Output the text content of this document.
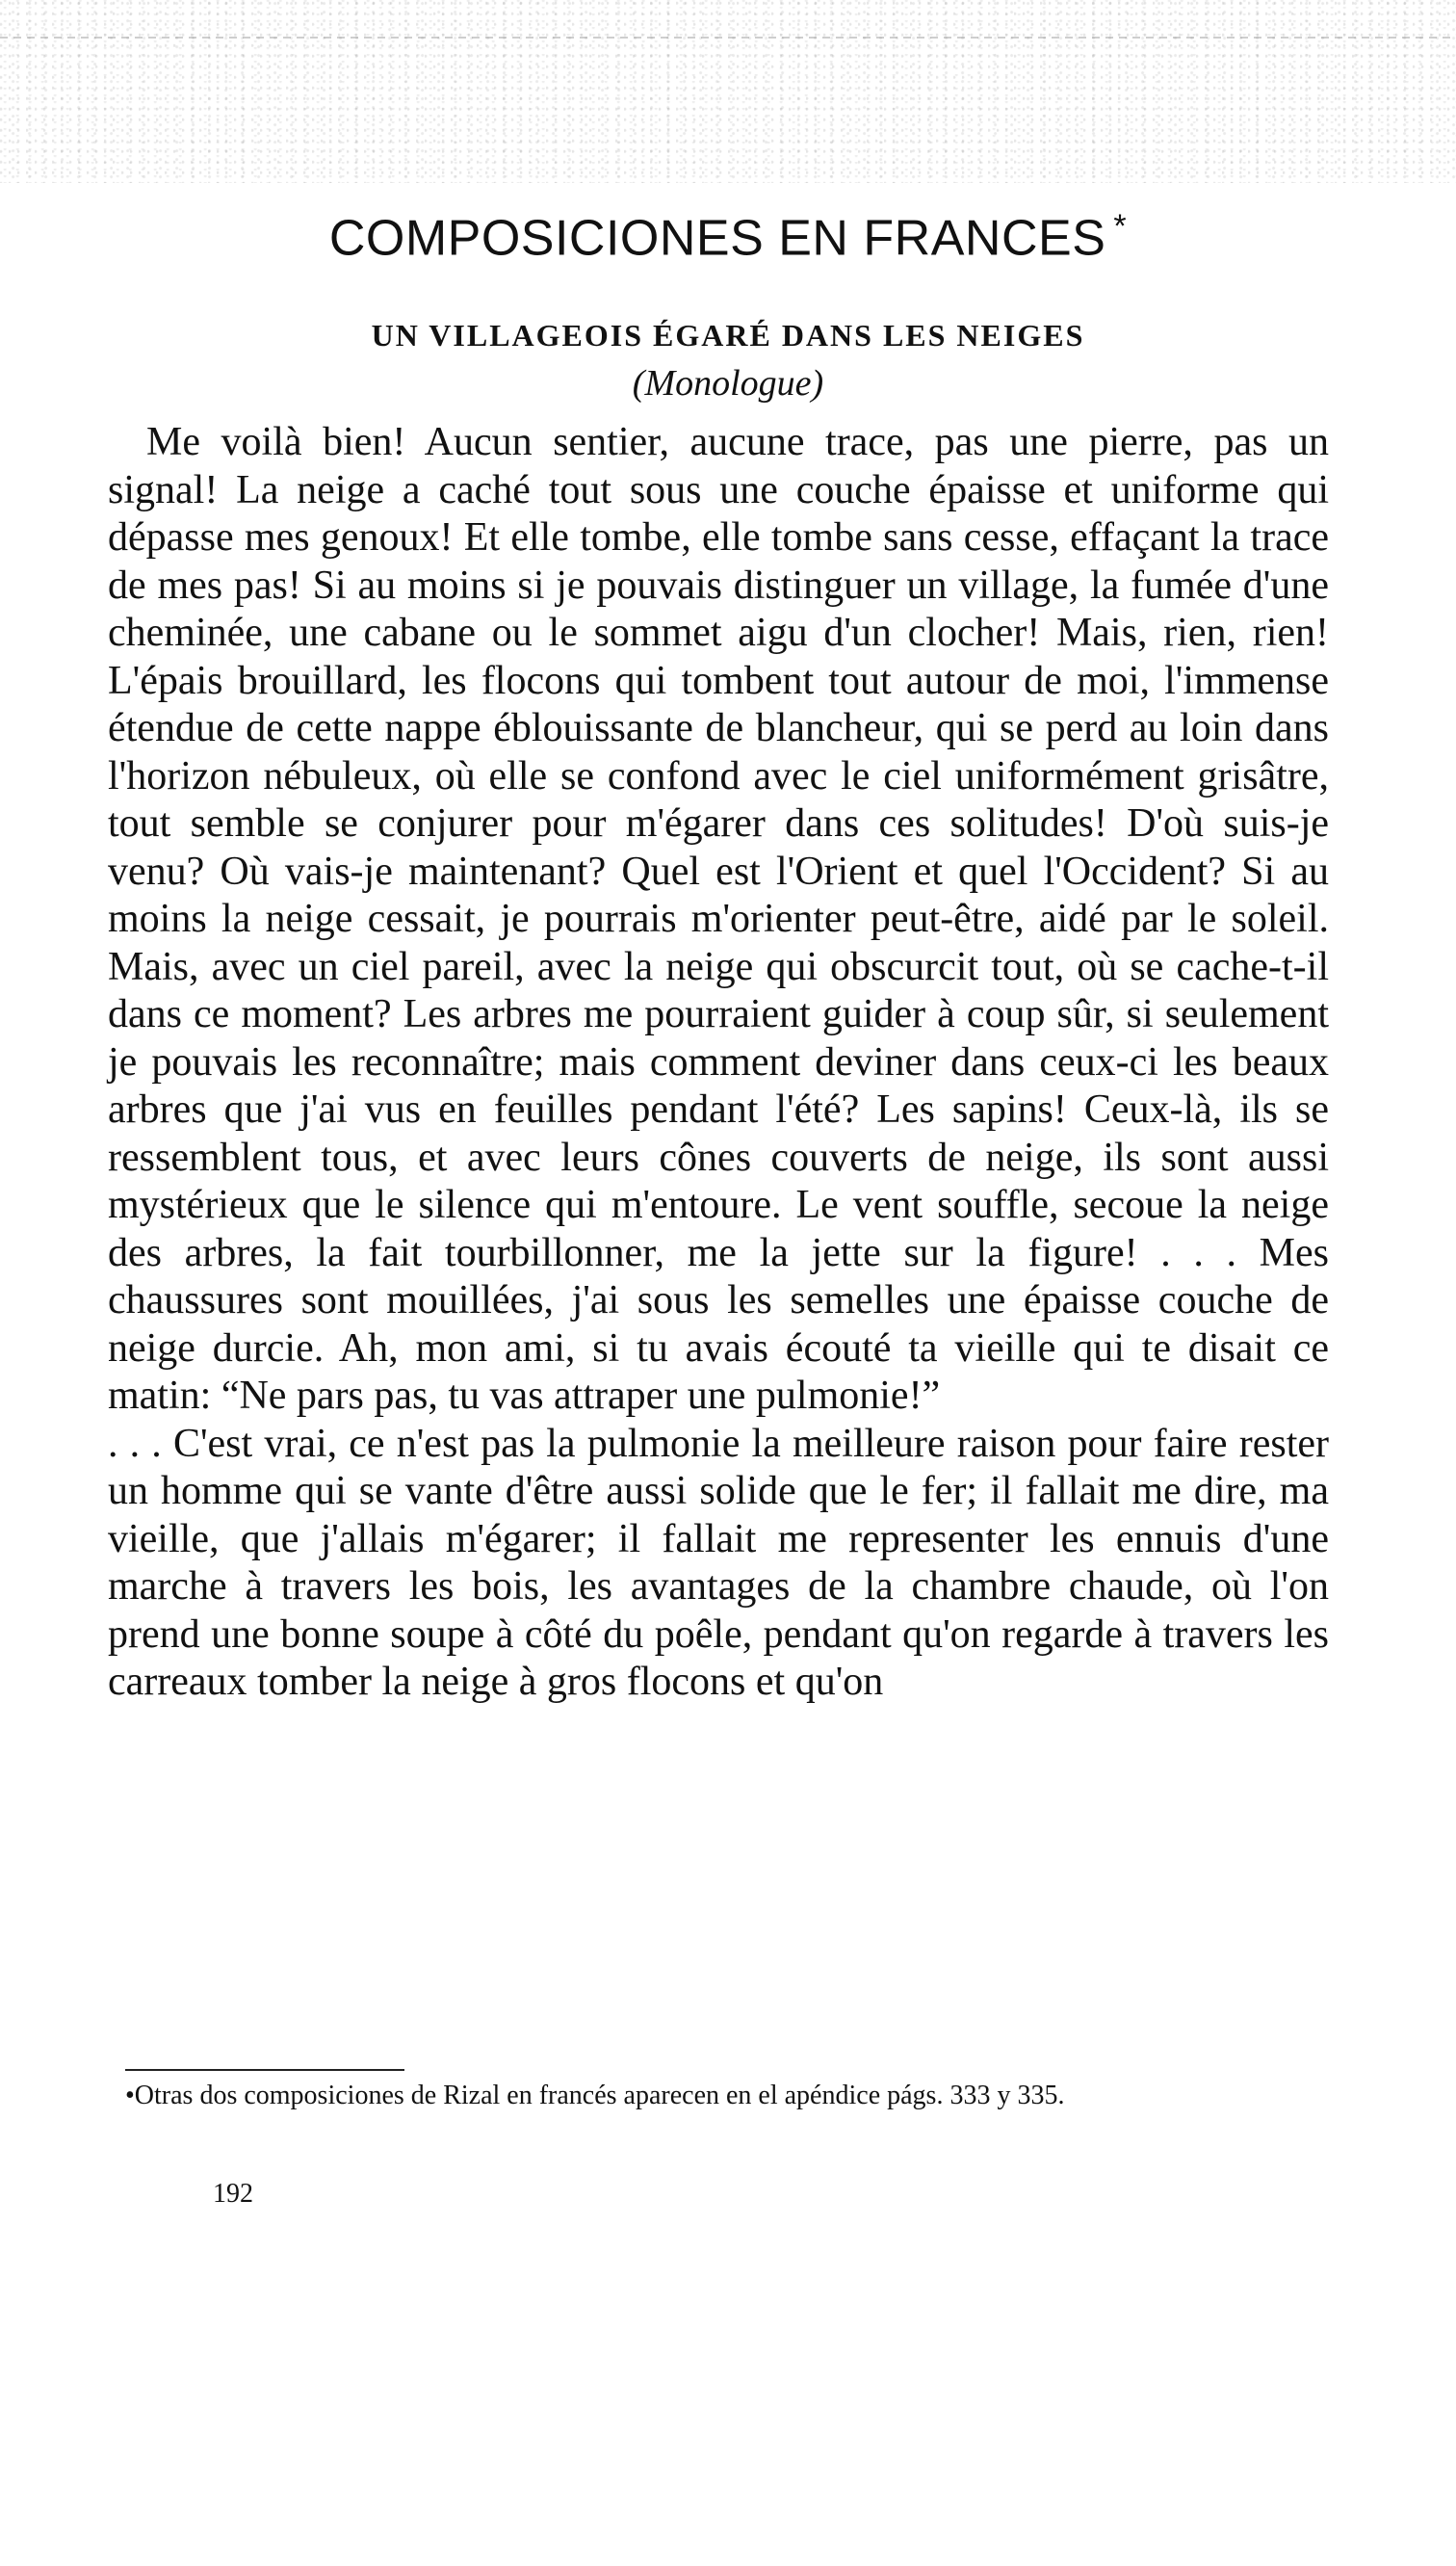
COMPOSICIONES EN FRANCES *
UN VILLAGEOIS ÉGARÉ DANS LES NEIGES
(Monologue)

Me voilà bien! Aucun sentier, aucune trace, pas une pierre, pas un signal! La neige a caché tout sous une couche épaisse et uniforme qui dépasse mes genoux! Et elle tombe, elle tombe sans cesse, effaçant la trace de mes pas! Si au moins si je pouvais distinguer un village, la fumée d'une cheminée, une cabane ou le sommet aigu d'un clocher! Mais, rien, rien! L'épais brouillard, les flocons qui tombent tout autour de moi, l'immense étendue de cette nappe éblouissante de blancheur, qui se perd au loin dans l'horizon nébuleux, où elle se confond avec le ciel uniformément grisâtre, tout semble se conjurer pour m'égarer dans ces solitudes! D'où suis-je venu? Où vais-je maintenant? Quel est l'Orient et quel l'Occident? Si au moins la neige cessait, je pourrais m'orienter peut-être, aidé par le soleil. Mais, avec un ciel pareil, avec la neige qui obscurcit tout, où se cache-t-il dans ce moment? Les arbres me pourraient guider à coup sûr, si seulement je pouvais les reconnaître; mais comment deviner dans ceux-ci les beaux arbres que j'ai vus en feuilles pendant l'été? Les sapins! Ceux-là, ils se ressemblent tous, et avec leurs cônes couverts de neige, ils sont aussi mystérieux que le silence qui m'entoure. Le vent souffle, secoue la neige des arbres, la fait tourbillonner, me la jette sur la figure! . . . Mes chaussures sont mouillées, j'ai sous les semelles une épaisse couche de neige durcie. Ah, mon ami, si tu avais écouté ta vieille qui te disait ce matin: “Ne pars pas, tu vas attraper une pulmonie!”

. . . C'est vrai, ce n'est pas la pulmonie la meilleure raison pour faire rester un homme qui se vante d'être aussi solide que le fer; il fallait me dire, ma vieille, que j'allais m'égarer; il fallait me representer les ennuis d'une marche à travers les bois, les avantages de la chambre chaude, où l'on prend une bonne soupe à côté du poêle, pendant qu'on regarde à travers les carreaux tomber la neige à gros flocons et qu'on

•Otras dos composiciones de Rizal en francés aparecen en el apéndice págs. 333 y 335.

192
